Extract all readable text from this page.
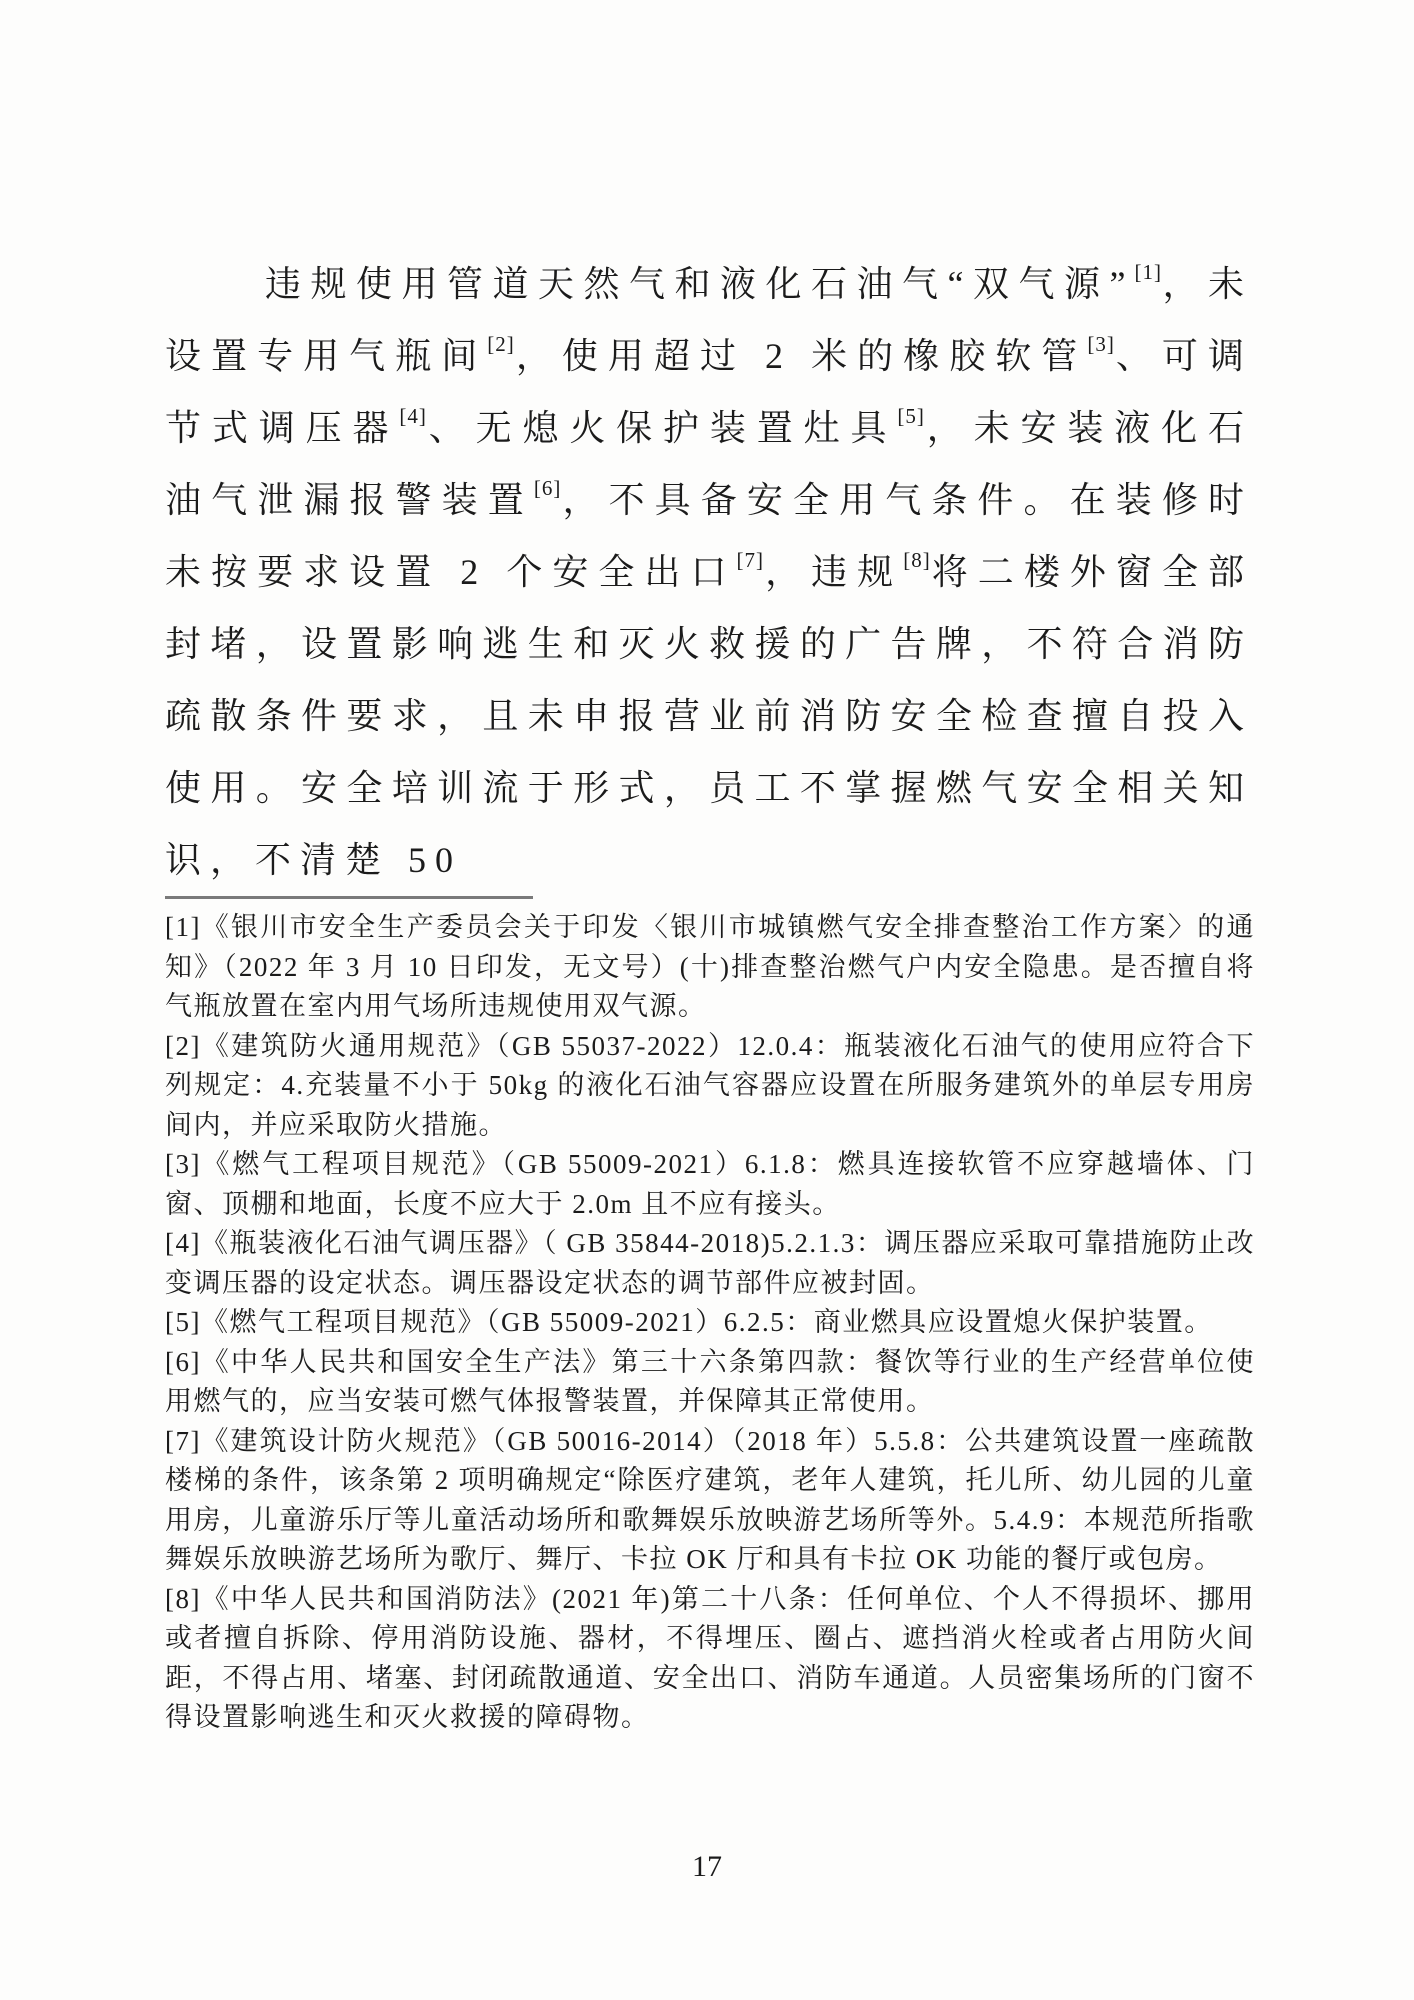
违规使用管道天然气和液化石油气“双气源”[1]，未设置专用气瓶间[2]，使用超过 2 米的橡胶软管[3]、可调节式调压器[4]、无熄火保护装置灶具[5]，未安装液化石油气泄漏报警装置[6]，不具备安全用气条件。在装修时未按要求设置 2 个安全出口[7]，违规[8]将二楼外窗全部封堵，设置影响逃生和灭火救援的广告牌，不符合消防疏散条件要求，且未申报营业前消防安全检查擅自投入使用。安全培训流于形式，员工不掌握燃气安全相关知识，不清楚 50

[1]《银川市安全生产委员会关于印发〈银川市城镇燃气安全排查整治工作方案〉的通知》（2022 年 3 月 10 日印发，无文号）(十)排查整治燃气户内安全隐患。是否擅自将气瓶放置在室内用气场所违规使用双气源。

[2]《建筑防火通用规范》（GB 55037-2022）12.0.4：瓶装液化石油气的使用应符合下列规定：4.充装量不小于 50kg 的液化石油气容器应设置在所服务建筑外的单层专用房间内，并应采取防火措施。

[3]《燃气工程项目规范》（GB 55009-2021）6.1.8：燃具连接软管不应穿越墙体、门窗、顶棚和地面，长度不应大于 2.0m 且不应有接头。

[4]《瓶装液化石油气调压器》（ GB 35844-2018)5.2.1.3：调压器应采取可靠措施防止改变调压器的设定状态。调压器设定状态的调节部件应被封固。

[5]《燃气工程项目规范》（GB 55009-2021）6.2.5：商业燃具应设置熄火保护装置。

[6]《中华人民共和国安全生产法》第三十六条第四款：餐饮等行业的生产经营单位使用燃气的，应当安装可燃气体报警装置，并保障其正常使用。

[7]《建筑设计防火规范》（GB 50016-2014）（2018 年）5.5.8：公共建筑设置一座疏散楼梯的条件，该条第 2 项明确规定“除医疗建筑，老年人建筑，托儿所、幼儿园的儿童用房，儿童游乐厅等儿童活动场所和歌舞娱乐放映游艺场所等外。5.4.9：本规范所指歌舞娱乐放映游艺场所为歌厅、舞厅、卡拉 OK 厅和具有卡拉 OK 功能的餐厅或包房。

[8]《中华人民共和国消防法》(2021 年)第二十八条：任何单位、个人不得损坏、挪用或者擅自拆除、停用消防设施、器材，不得埋压、圈占、遮挡消火栓或者占用防火间距，不得占用、堵塞、封闭疏散通道、安全出口、消防车通道。人员密集场所的门窗不得设置影响逃生和灭火救援的障碍物。

17
